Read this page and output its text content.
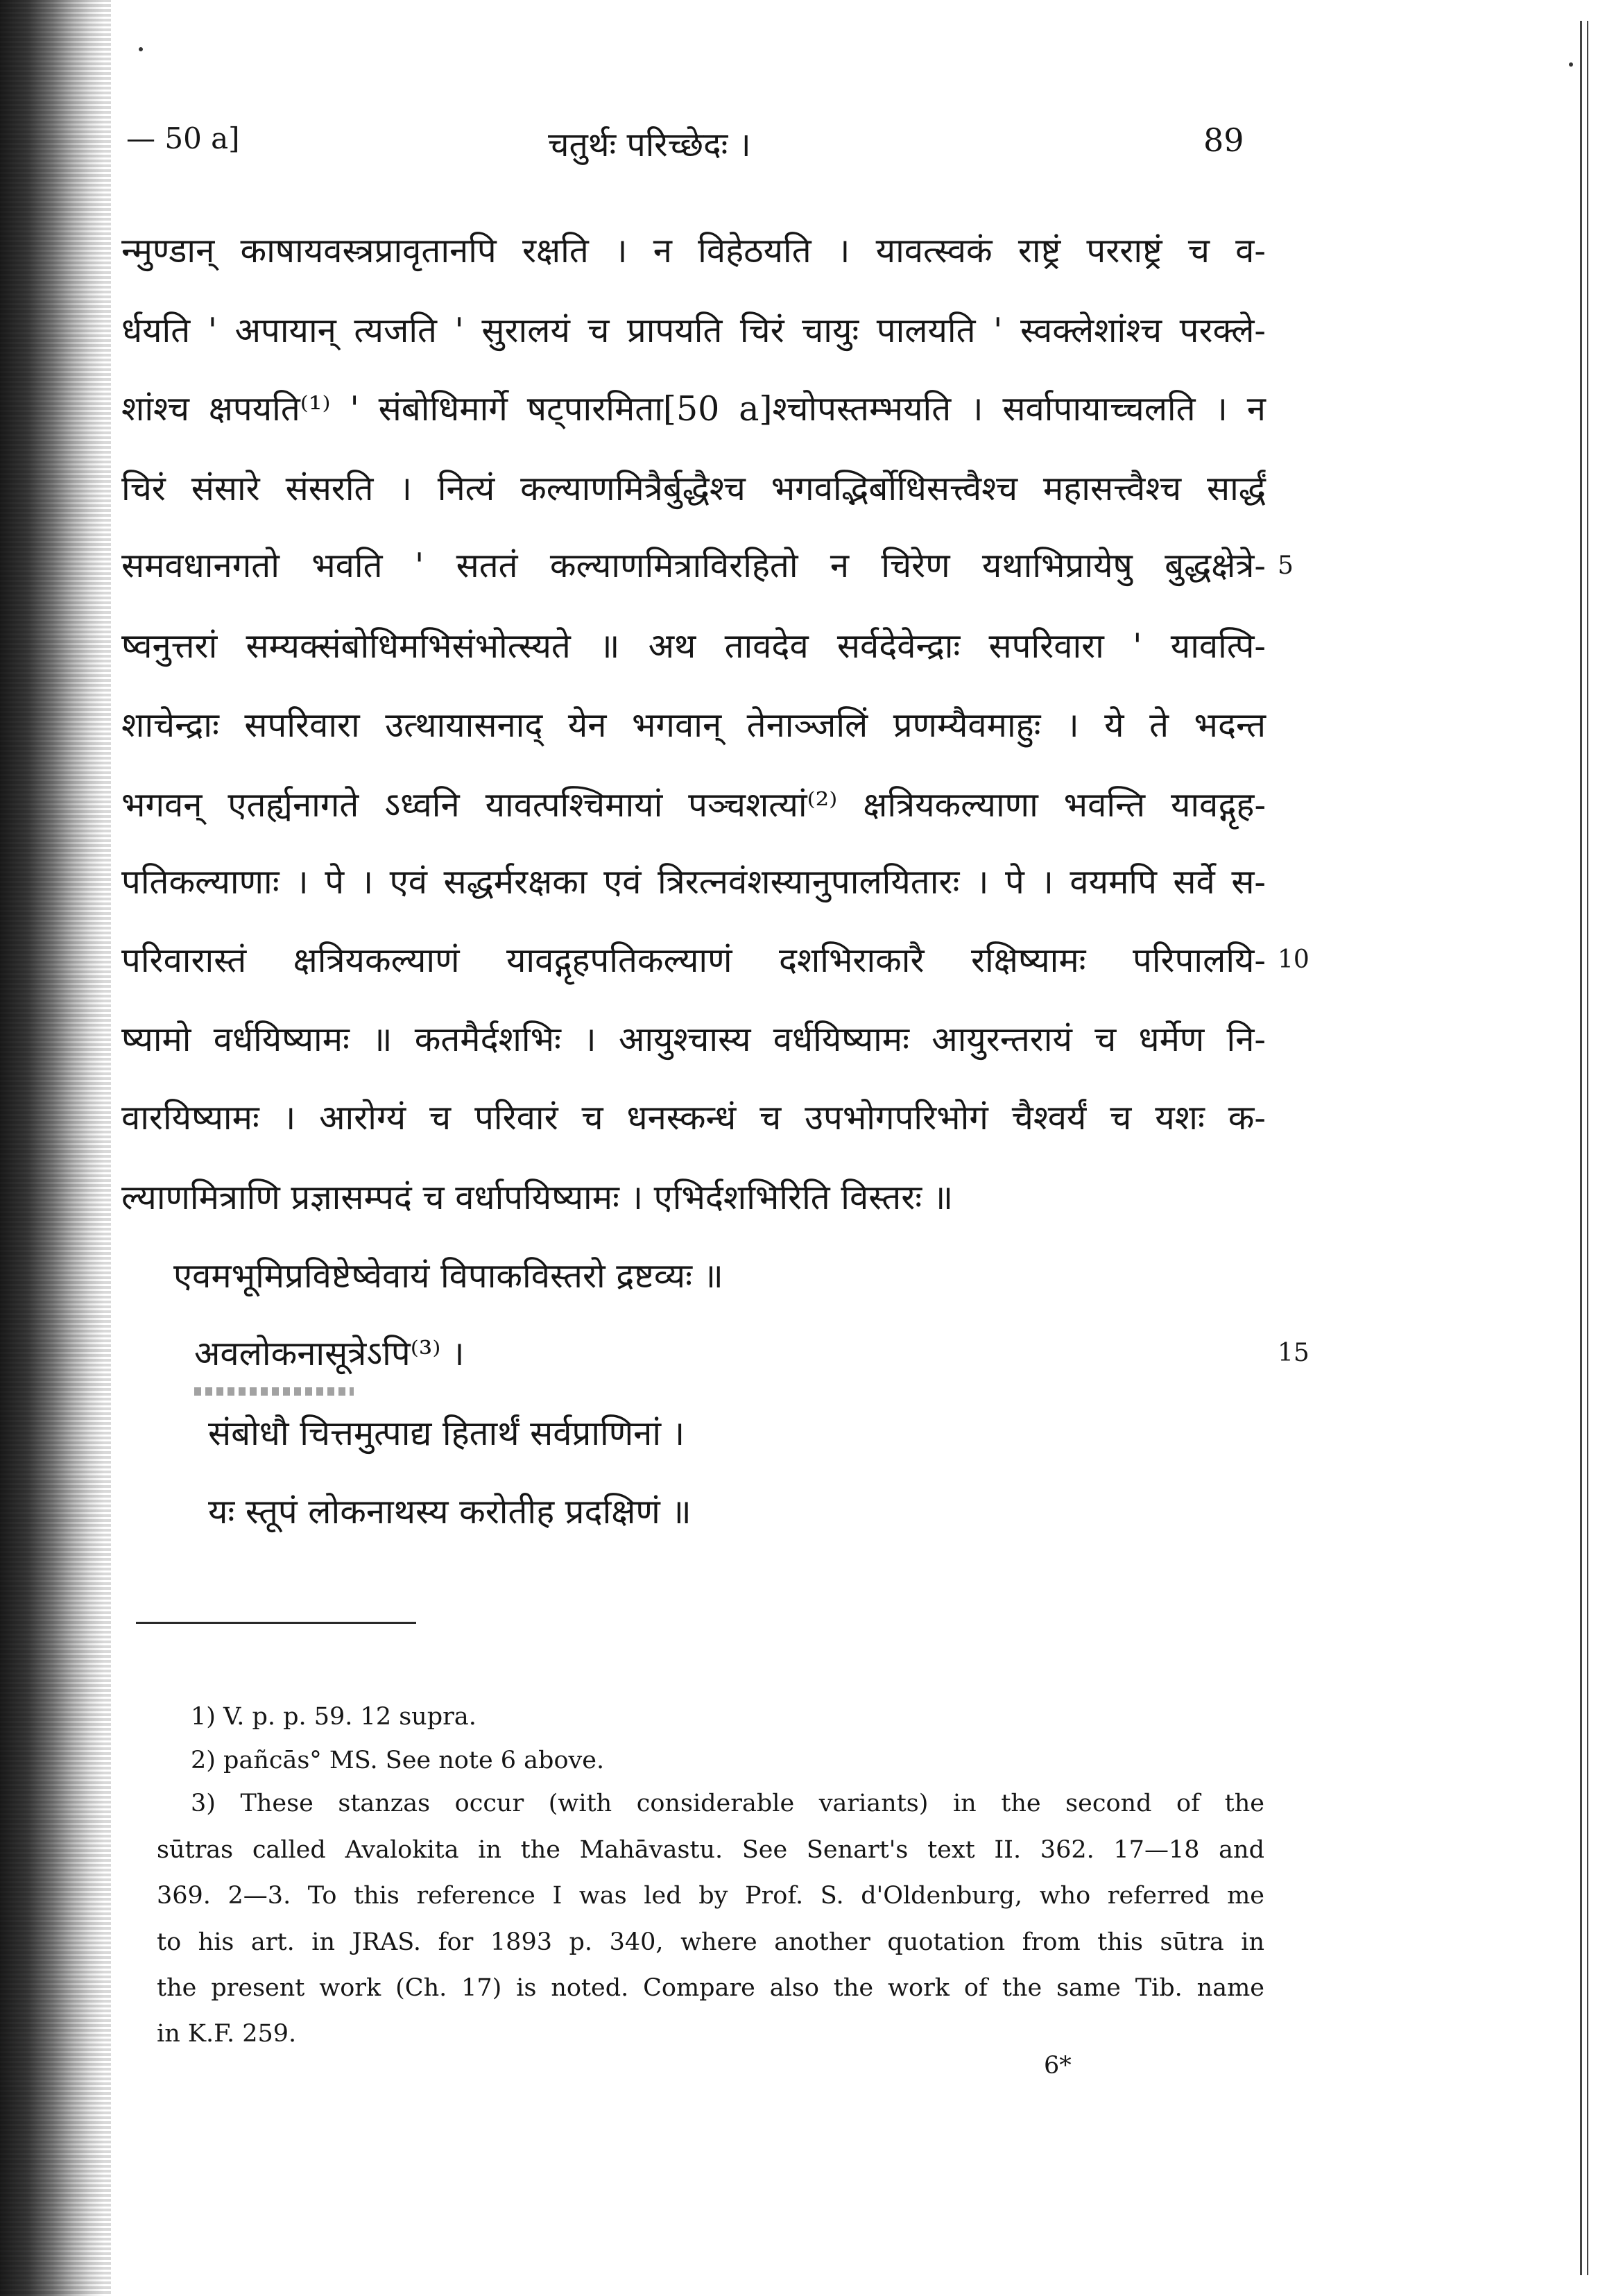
— 50 a]	चतुर्थः परिच्छेदः ।	89
न्मुण्डान् काषायवस्त्रप्रावृतानपि रक्षति । न विहेठयति । यावत्स्वकं राष्ट्रं परराष्ट्रं च व-
र्धयति ' अपायान् त्यजति ' सुरालयं च प्रापयति चिरं चायुः पालयति ' स्वक्लेशांश्च परक्ले-
शांश्च क्षपयति⁽¹⁾ ' संबोधिमार्गे षट्पारमिता[50 a]श्चोपस्तम्भयति । सर्वापायाच्चलति । न
चिरं संसारे संसरति । नित्यं कल्याणमित्रैर्बुद्धैश्च भगवद्भिर्बोधिसत्त्वैश्च महासत्त्वैश्च सार्द्धं
समवधानगतो भवति ' सततं कल्याणमित्राविरहितो न चिरेण यथाभिप्रायेषु बुद्धक्षेत्रे-
ष्वनुत्तरां सम्यक्संबोधिमभिसंभोत्स्यते ॥ अथ तावदेव सर्वदेवेन्द्राः सपरिवारा ' यावत्पि-
शाचेन्द्राः सपरिवारा उत्थायासनाद् येन भगवान् तेनाञ्जलिं प्रणम्यैवमाहुः । ये ते भदन्त
भगवन् एतर्ह्यनागते ऽध्वनि यावत्पश्चिमायां पञ्चशत्यां⁽²⁾ क्षत्रियकल्याणा भवन्ति यावद्गृह-
पतिकल्याणाः । पे । एवं सद्धर्मरक्षका एवं त्रिरत्नवंशस्यानुपालयितारः । पे । वयमपि सर्वे स-
परिवारास्तं क्षत्रियकल्याणं यावद्गृहपतिकल्याणं दशभिराकारै रक्षिष्यामः परिपालयि-
ष्यामो वर्धयिष्यामः ॥ कतमैर्दशभिः । आयुश्चास्य वर्धयिष्यामः आयुरन्तरायं च धर्मेण नि-
वारयिष्यामः । आरोग्यं च परिवारं च धनस्कन्धं च उपभोगपरिभोगं चैश्वर्यं च यशः क-
ल्याणमित्राणि प्रज्ञासम्पदं च वर्धापयिष्यामः । एभिर्दशभिरिति विस्तरः ॥
एवमभूमिप्रविष्टेष्वेवायं विपाकविस्तरो द्रष्टव्यः ॥
अवलोकनासूत्रेऽपि⁽³⁾ ।
संबोधौ चित्तमुत्पाद्य हितार्थं सर्वप्राणिनां ।
यः स्तूपं लोकनाथस्य करोतीह प्रदक्षिणं ॥
5
10
15
1) V. p. p. 59. 12 supra.
2) pañcās° MS. See note 6 above.
3) These stanzas occur (with considerable variants) in the second of the
sūtras called Avalokita in the Mahāvastu. See Senart's text II. 362. 17—18 and
369. 2—3. To this reference I was led by Prof. S. d'Oldenburg, who referred me
to his art. in JRAS. for 1893 p. 340, where another quotation from this sūtra in
the present work (Ch. 17) is noted. Compare also the work of the same Tib. name
in K.F. 259.
6*
